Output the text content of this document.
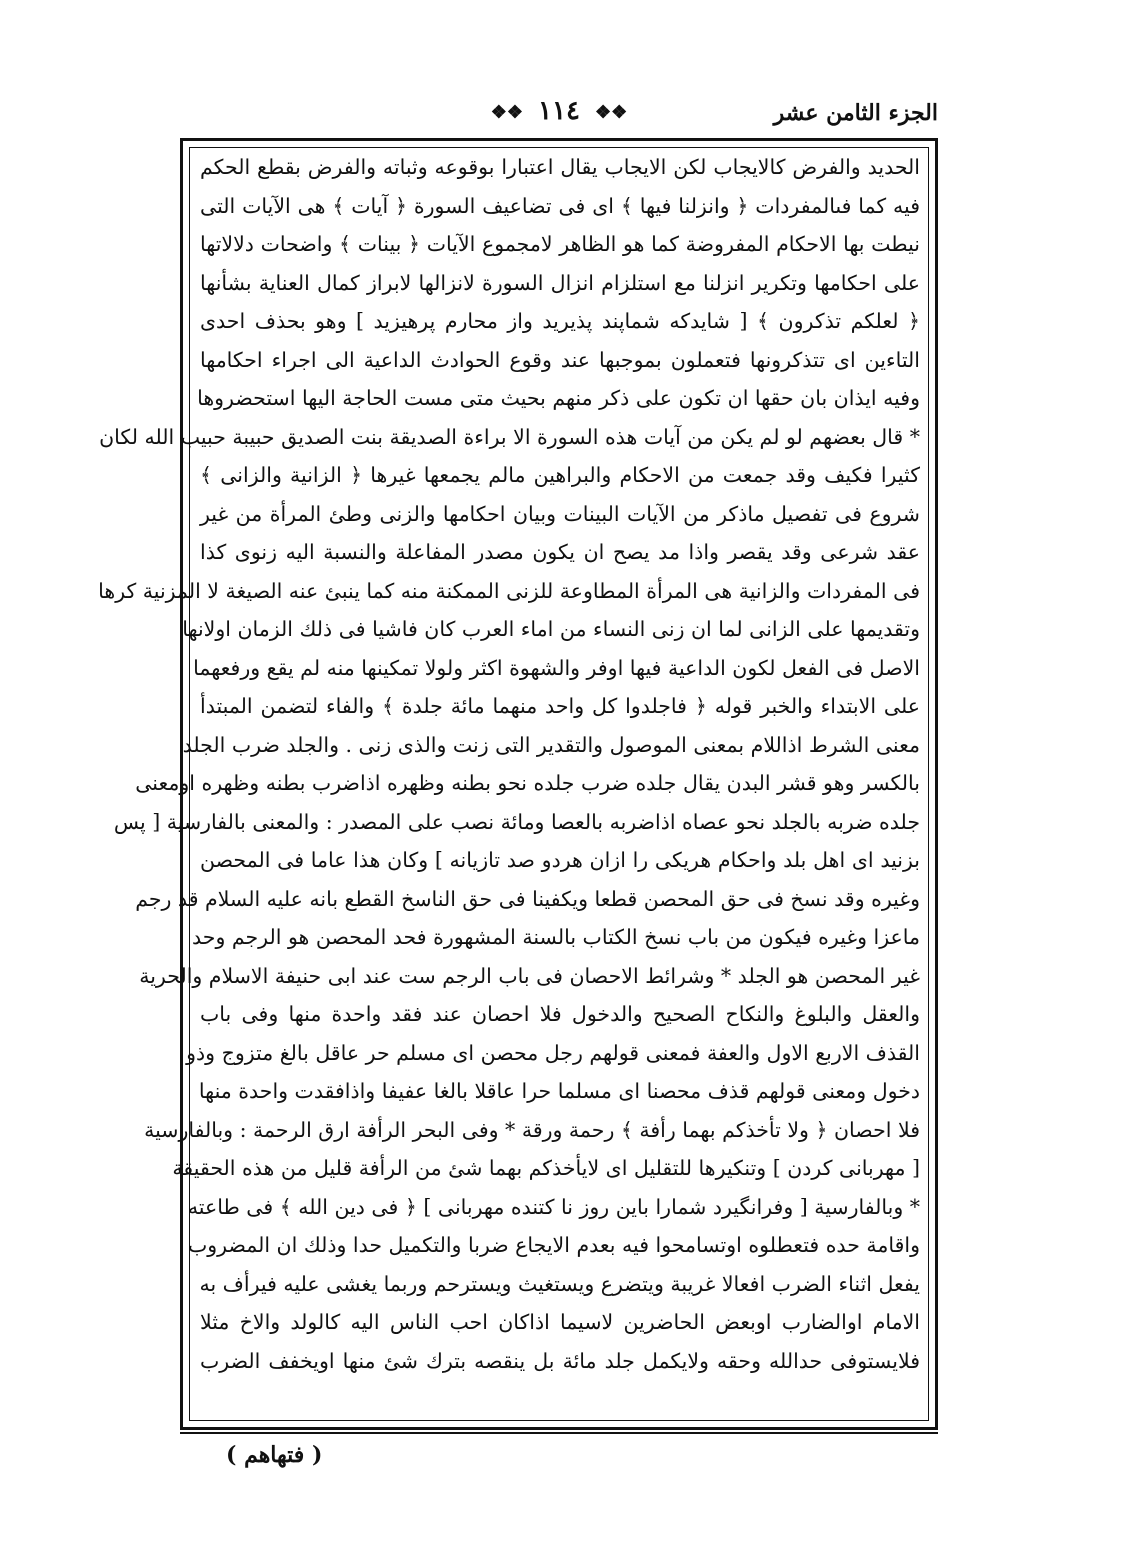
الجزء الثامن عشر
❖❖ ١١٤ ❖❖
الحديد والفرض كالايجاب لكن الايجاب يقال اعتبارا بوقوعه وثباته والفرض بقطع الحكم
فيه كما فىالمفردات ﴿ وانزلنا فيها ﴾ اى فى تضاعيف السورة ﴿ آيات ﴾ هى الآيات التى
نيطت بها الاحكام المفروضة كما هو الظاهر لامجموع الآيات ﴿ بينات ﴾ واضحات دلالاتها
على احكامها وتكرير انزلنا مع استلزام انزال السورة لانزالها لابراز كمال العناية بشأنها
﴿ لعلكم تذكرون ﴾ [ شايدكه شماپند پذيريد واز محارم پرهيزيد ] وهو بحذف احدى
التاءين اى تتذكرونها فتعملون بموجبها عند وقوع الحوادث الداعية الى اجراء احكامها
وفيه ايذان بان حقها ان تكون على ذكر منهم بحيث متى مست الحاجة اليها استحضروها
* قال بعضهم لو لم يكن من آيات هذه السورة الا براءة الصديقة بنت الصديق حبيبة حبيب الله لكان
كثيرا فكيف وقد جمعت من الاحكام والبراهين مالم يجمعها غيرها ﴿ الزانية والزانى ﴾
شروع فى تفصيل ماذكر من الآيات البينات وبيان احكامها والزنى وطئ المرأة من غير
عقد شرعى وقد يقصر واذا مد يصح ان يكون مصدر المفاعلة والنسبة اليه زنوى كذا
فى المفردات والزانية هى المرأة المطاوعة للزنى الممكنة منه كما ينبئ عنه الصيغة لا المزنية كرها
وتقديمها على الزانى لما ان زنى النساء من اماء العرب كان فاشيا فى ذلك الزمان اولانها
الاصل فى الفعل لكون الداعية فيها اوفر والشهوة اكثر ولولا تمكينها منه لم يقع ورفعهما
على الابتداء والخبر قوله ﴿ فاجلدوا كل واحد منهما مائة جلدة ﴾ والفاء لتضمن المبتدأ
معنى الشرط اذاللام بمعنى الموصول والتقدير التى زنت والذى زنى . والجلد ضرب الجلد
بالكسر وهو قشر البدن يقال جلده ضرب جلده نحو بطنه وظهره اذاضرب بطنه وظهره اومعنى
جلده ضربه بالجلد نحو عصاه اذاضربه بالعصا ومائة نصب على المصدر : والمعنى بالفارسية [ پس
بزنيد اى اهل بلد واحكام هريكى را ازان هردو صد تازيانه ] وكان هذا عاما فى المحصن
وغيره وقد نسخ فى حق المحصن قطعا ويكفينا فى حق الناسخ القطع بانه عليه السلام قد رجم
ماعزا وغيره فيكون من باب نسخ الكتاب بالسنة المشهورة فحد المحصن هو الرجم وحد
غير المحصن هو الجلد * وشرائط الاحصان فى باب الرجم ست عند ابى حنيفة الاسلام والحرية
والعقل والبلوغ والنكاح الصحيح والدخول فلا احصان عند فقد واحدة منها وفى باب
القذف الاربع الاول والعفة فمعنى قولهم رجل محصن اى مسلم حر عاقل بالغ متزوج وذو
دخول ومعنى قولهم قذف محصنا اى مسلما حرا عاقلا بالغا عفيفا واذافقدت واحدة منها
فلا احصان ﴿ ولا تأخذكم بهما رأفة ﴾ رحمة ورقة * وفى البحر الرأفة ارق الرحمة : وبالفارسية
[ مهربانى كردن ] وتنكيرها للتقليل اى لايأخذكم بهما شئ من الرأفة قليل من هذه الحقيقة
* وبالفارسية [ وفرانگيرد شمارا باين روز نا كتنده مهربانى ] ﴿ فى دين الله ﴾ فى طاعته
واقامة حده فتعطلوه اوتسامحوا فيه بعدم الايجاع ضربا والتكميل حدا وذلك ان المضروب
يفعل اثناء الضرب افعالا غريبة ويتضرع ويستغيث ويسترحم وربما يغشى عليه فيرأف به
الامام اوالضارب اوبعض الحاضرين لاسيما اذاكان احب الناس اليه كالولد والاخ مثلا
فلايستوفى حدالله وحقه ولايكمل جلد مائة بل ينقصه بترك شئ منها اويخفف الضرب
( فتهاهم )
